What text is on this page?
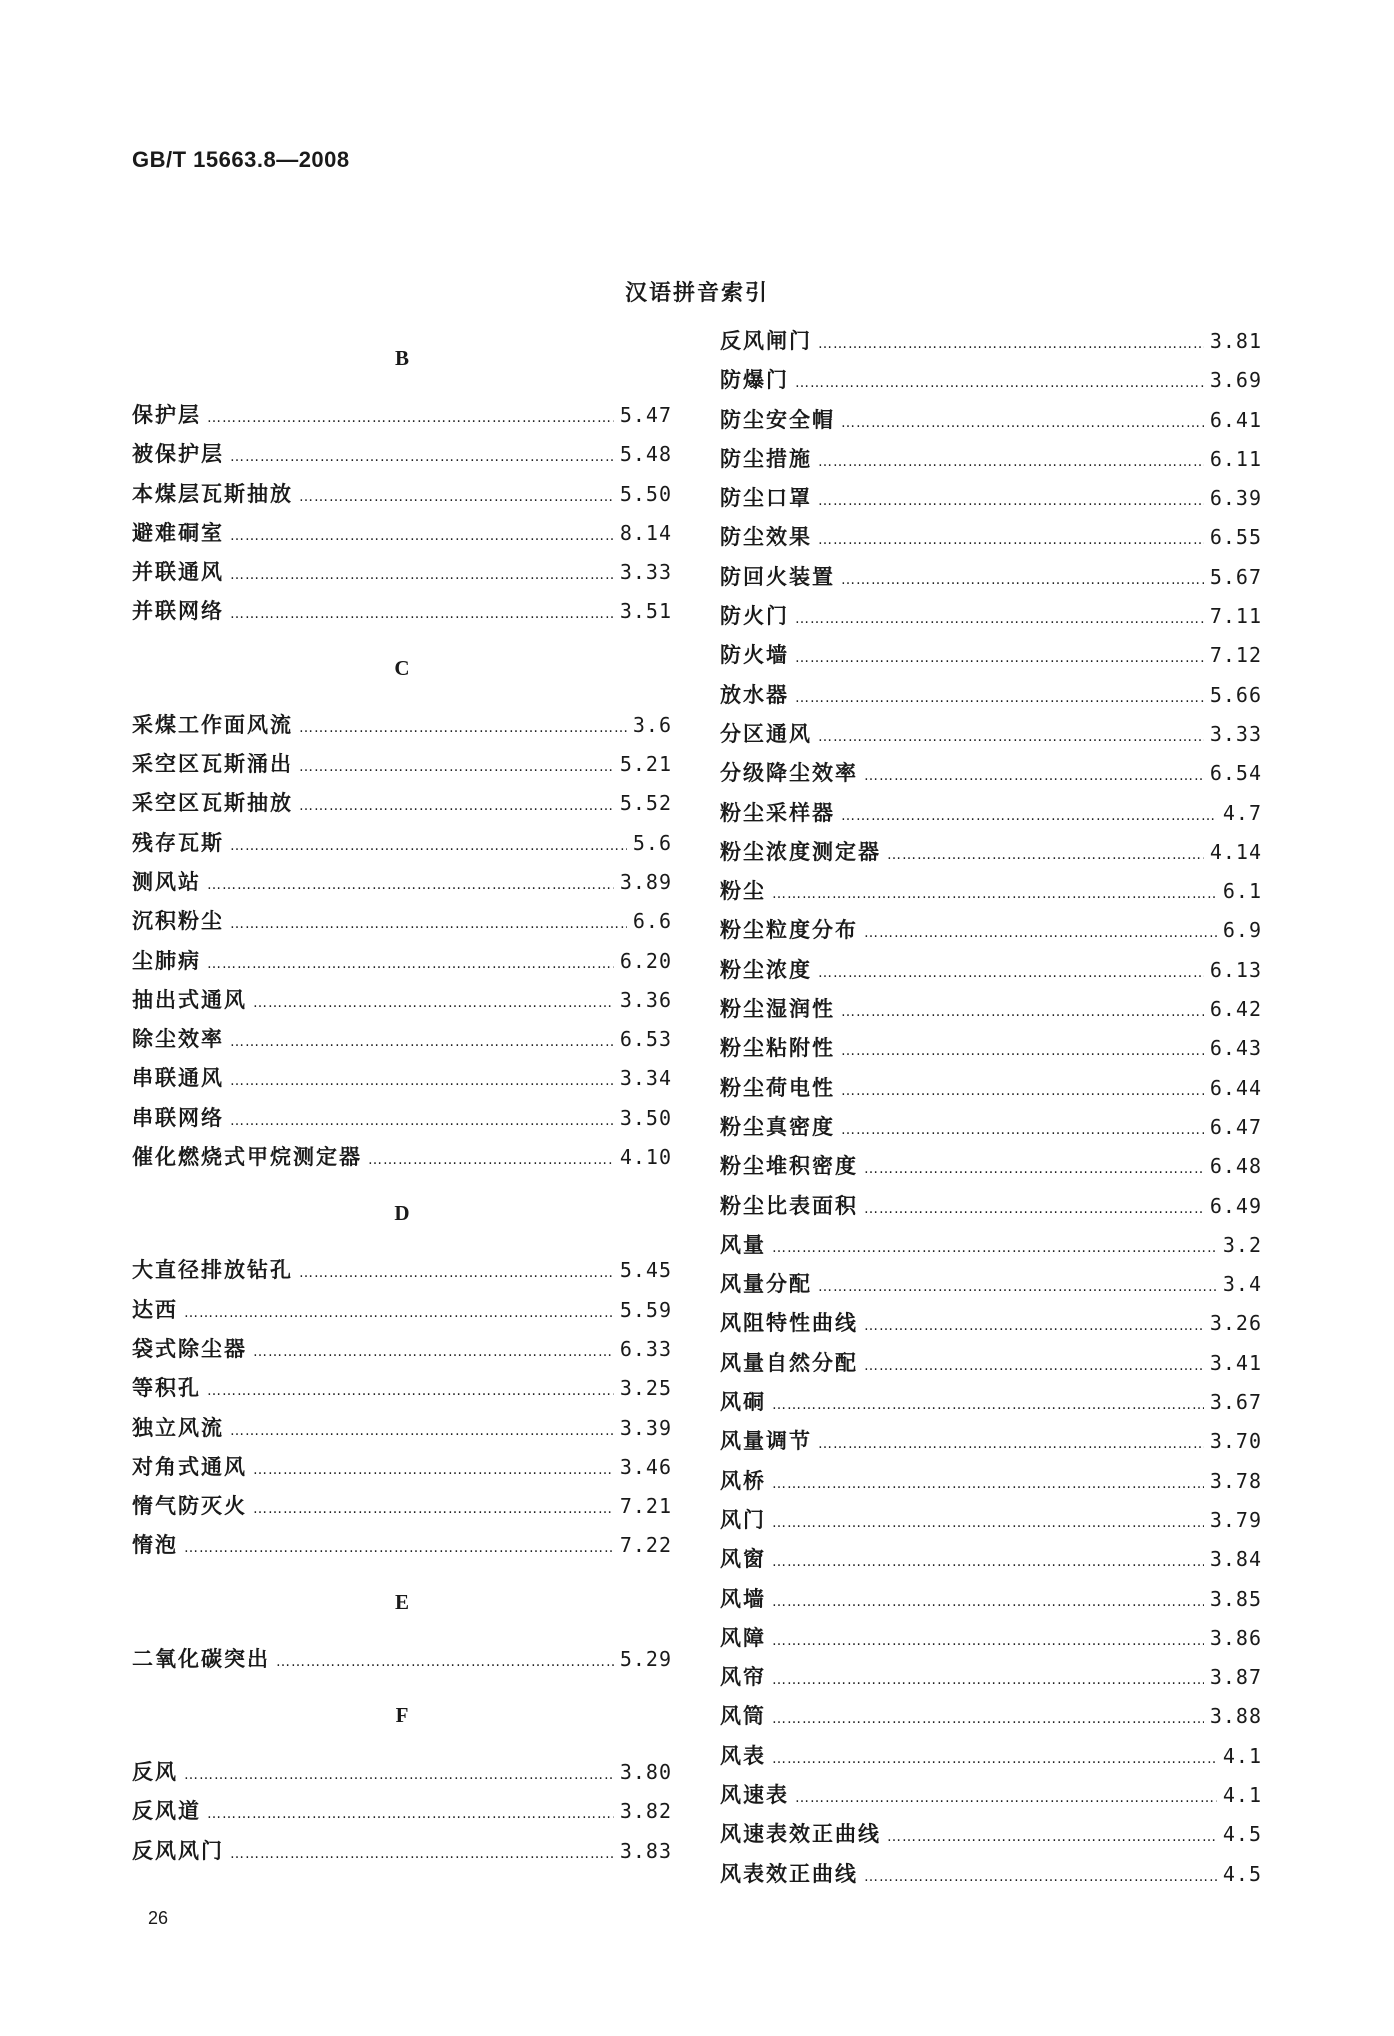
GB/T 15663.8—2008
汉语拼音索引
B
保护层 ……………………………………………………………………………………………………………………………………………	5.47
被保护层 ……………………………………………………………………………………………………………………………………………	5.48
本煤层瓦斯抽放 ……………………………………………………………………………………………………………………………………………	5.50
避难硐室 ……………………………………………………………………………………………………………………………………………	8.14
并联通风 ……………………………………………………………………………………………………………………………………………	3.33
并联网络 ……………………………………………………………………………………………………………………………………………	3.51
C
采煤工作面风流 ……………………………………………………………………………………………………………………………………………	3.6
采空区瓦斯涌出 ……………………………………………………………………………………………………………………………………………	5.21
采空区瓦斯抽放 ……………………………………………………………………………………………………………………………………………	5.52
残存瓦斯 ……………………………………………………………………………………………………………………………………………	5.6
测风站 ……………………………………………………………………………………………………………………………………………	3.89
沉积粉尘 ……………………………………………………………………………………………………………………………………………	6.6
尘肺病 ……………………………………………………………………………………………………………………………………………	6.20
抽出式通风 ……………………………………………………………………………………………………………………………………………	3.36
除尘效率 ……………………………………………………………………………………………………………………………………………	6.53
串联通风 ……………………………………………………………………………………………………………………………………………	3.34
串联网络 ……………………………………………………………………………………………………………………………………………	3.50
催化燃烧式甲烷测定器 ……………………………………………………………………………………………………………………………………………	4.10
D
大直径排放钻孔 ……………………………………………………………………………………………………………………………………………	5.45
达西 ……………………………………………………………………………………………………………………………………………	5.59
袋式除尘器 ……………………………………………………………………………………………………………………………………………	6.33
等积孔 ……………………………………………………………………………………………………………………………………………	3.25
独立风流 ……………………………………………………………………………………………………………………………………………	3.39
对角式通风 ……………………………………………………………………………………………………………………………………………	3.46
惰气防灭火 ……………………………………………………………………………………………………………………………………………	7.21
惰泡 ……………………………………………………………………………………………………………………………………………	7.22
E
二氧化碳突出 ……………………………………………………………………………………………………………………………………………	5.29
F
反风 ……………………………………………………………………………………………………………………………………………	3.80
反风道 ……………………………………………………………………………………………………………………………………………	3.82
反风风门 ……………………………………………………………………………………………………………………………………………	3.83
反风闸门 ……………………………………………………………………………………………………………………………………………	3.81
防爆门 ……………………………………………………………………………………………………………………………………………	3.69
防尘安全帽 ……………………………………………………………………………………………………………………………………………	6.41
防尘措施 ……………………………………………………………………………………………………………………………………………	6.11
防尘口罩 ……………………………………………………………………………………………………………………………………………	6.39
防尘效果 ……………………………………………………………………………………………………………………………………………	6.55
防回火装置 ……………………………………………………………………………………………………………………………………………	5.67
防火门 ……………………………………………………………………………………………………………………………………………	7.11
防火墙 ……………………………………………………………………………………………………………………………………………	7.12
放水器 ……………………………………………………………………………………………………………………………………………	5.66
分区通风 ……………………………………………………………………………………………………………………………………………	3.33
分级降尘效率 ……………………………………………………………………………………………………………………………………………	6.54
粉尘采样器 ……………………………………………………………………………………………………………………………………………	4.7
粉尘浓度测定器 ……………………………………………………………………………………………………………………………………………	4.14
粉尘 ……………………………………………………………………………………………………………………………………………	6.1
粉尘粒度分布 ……………………………………………………………………………………………………………………………………………	6.9
粉尘浓度 ……………………………………………………………………………………………………………………………………………	6.13
粉尘湿润性 ……………………………………………………………………………………………………………………………………………	6.42
粉尘粘附性 ……………………………………………………………………………………………………………………………………………	6.43
粉尘荷电性 ……………………………………………………………………………………………………………………………………………	6.44
粉尘真密度 ……………………………………………………………………………………………………………………………………………	6.47
粉尘堆积密度 ……………………………………………………………………………………………………………………………………………	6.48
粉尘比表面积 ……………………………………………………………………………………………………………………………………………	6.49
风量 ……………………………………………………………………………………………………………………………………………	3.2
风量分配 ……………………………………………………………………………………………………………………………………………	3.4
风阻特性曲线 ……………………………………………………………………………………………………………………………………………	3.26
风量自然分配 ……………………………………………………………………………………………………………………………………………	3.41
风硐 ……………………………………………………………………………………………………………………………………………	3.67
风量调节 ……………………………………………………………………………………………………………………………………………	3.70
风桥 ……………………………………………………………………………………………………………………………………………	3.78
风门 ……………………………………………………………………………………………………………………………………………	3.79
风窗 ……………………………………………………………………………………………………………………………………………	3.84
风墙 ……………………………………………………………………………………………………………………………………………	3.85
风障 ……………………………………………………………………………………………………………………………………………	3.86
风帘 ……………………………………………………………………………………………………………………………………………	3.87
风筒 ……………………………………………………………………………………………………………………………………………	3.88
风表 ……………………………………………………………………………………………………………………………………………	4.1
风速表 ……………………………………………………………………………………………………………………………………………	4.1
风速表效正曲线 ……………………………………………………………………………………………………………………………………………	4.5
风表效正曲线 ……………………………………………………………………………………………………………………………………………	4.5
26
